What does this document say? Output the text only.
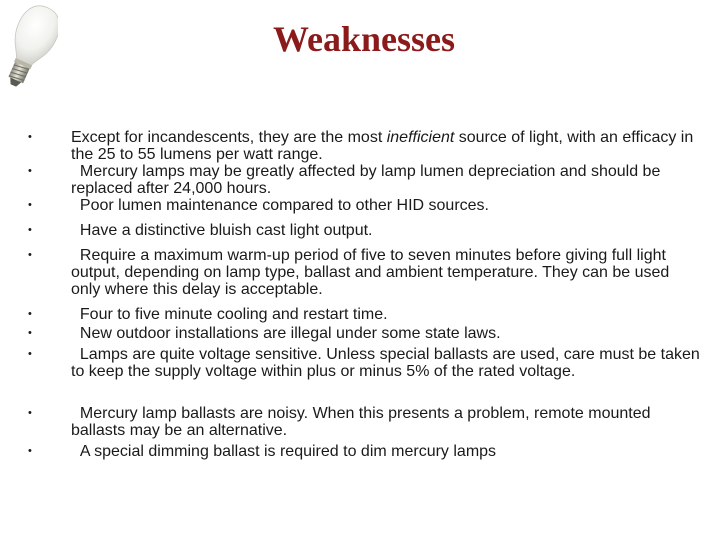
Weaknesses
•	Except for incandescents, they are the most inefficient source of light, with an efficacy in the 25 to 55 lumens per watt range.
•	Mercury lamps may be greatly affected by lamp lumen depreciation and should be replaced after 24,000 hours.
•	Poor lumen maintenance compared to other HID sources.
•	Have a distinctive bluish cast light output.
•	Require a maximum warm-up period of five to seven minutes before giving full light output, depending on lamp type, ballast and ambient temperature. They can be used only where this delay is acceptable.
•	Four to five minute cooling and restart time.
•	New outdoor installations are illegal under some state laws.
•	Lamps are quite voltage sensitive. Unless special ballasts are used, care must be taken to keep the supply voltage within plus or minus 5% of the rated voltage.
•	Mercury lamp ballasts are noisy. When this presents a problem, remote mounted ballasts may be an alternative.
•	A special dimming ballast is required to dim mercury lamps
